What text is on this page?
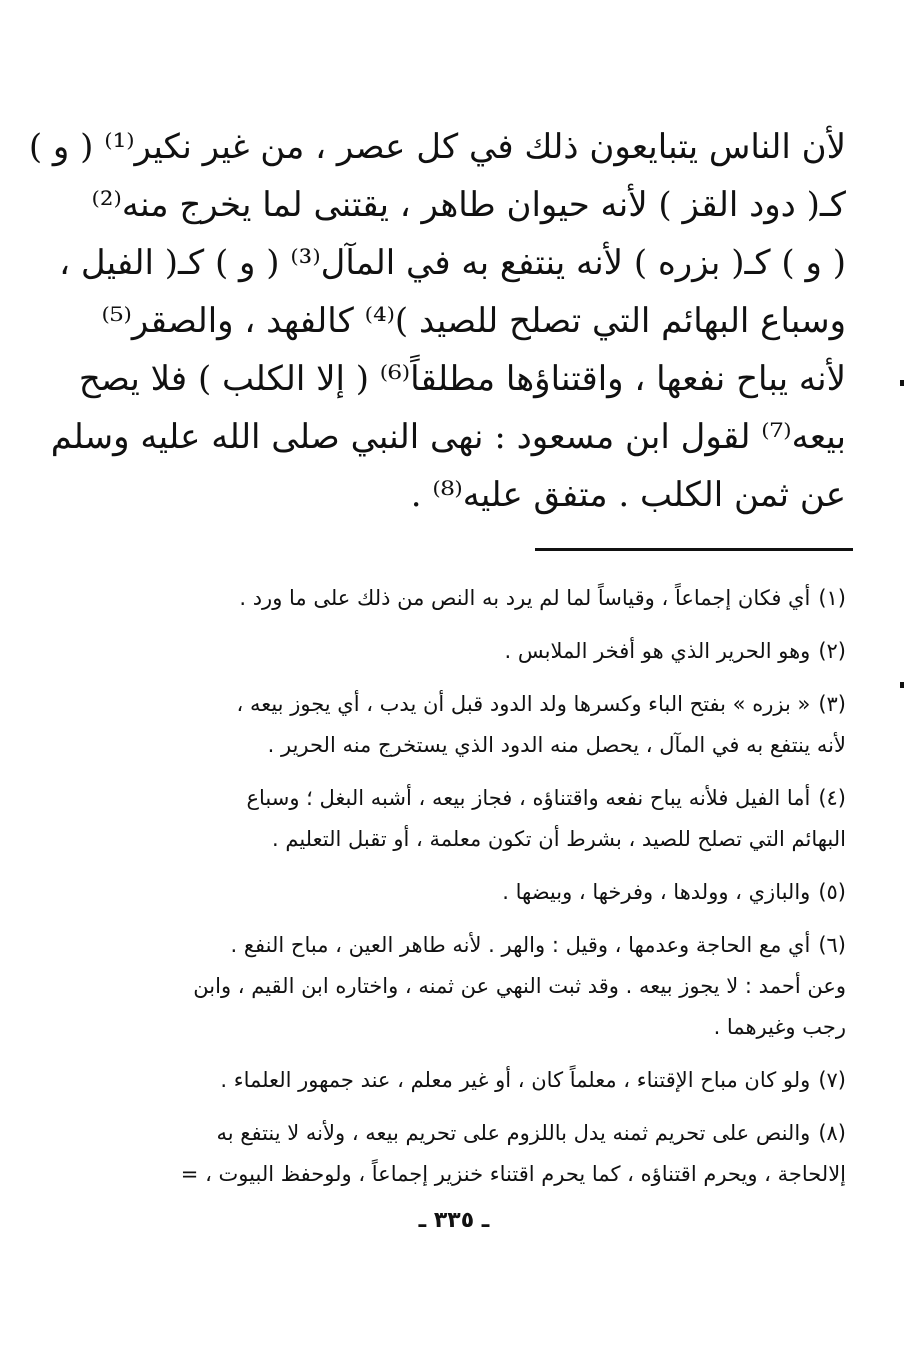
لأن الناس يتبايعون ذلك في كل عصر ، من غير نكير⁽¹⁾ ( و )
كـ( دود القز ) لأنه حيوان طاهر ، يقتنى لما يخرج منه⁽²⁾
( و ) كـ( بزره ) لأنه ينتفع به في المآل⁽³⁾ ( و ) كـ( الفيل ،
وسباع البهائم التي تصلح للصيد )⁽⁴⁾ كالفهد ، والصقر⁽⁵⁾
لأنه يباح نفعها ، واقتناؤها مطلقاً⁽⁶⁾ ( إلا الكلب ) فلا يصح
بيعه⁽⁷⁾ لقول ابن مسعود : نهى النبي صلى الله عليه وسلم
عن ثمن الكلب . متفق عليه⁽⁸⁾ .
(١)أي فكان إجماعاً ، وقياساً لما لم يرد به النص من ذلك على ما ورد .
(٢)وهو الحرير الذي هو أفخر الملابس .
(٣)« بزره » بفتح الباء وكسرها ولد الدود قبل أن يدب ، أي يجوز بيعه ،
لأنه ينتفع به في المآل ، يحصل منه الدود الذي يستخرج منه الحرير .
(٤)أما الفيل فلأنه يباح نفعه واقتناؤه ، فجاز بيعه ، أشبه البغل ؛ وسباع
البهائم التي تصلح للصيد ، بشرط أن تكون معلمة ، أو تقبل التعليم .
(٥)والبازي ، وولدها ، وفرخها ، وبيضها .
(٦)أي مع الحاجة وعدمها ، وقيل : والهر . لأنه طاهر العين ، مباح النفع .
وعن أحمد : لا يجوز بيعه . وقد ثبت النهي عن ثمنه ، واختاره ابن القيم ، وابن
رجب وغيرهما .
(٧)ولو كان مباح الإقتناء ، معلماً كان ، أو غير معلم ، عند جمهور العلماء .
(٨)والنص على تحريم ثمنه يدل باللزوم على تحريم بيعه ، ولأنه لا ينتفع به
إلالحاجة ، ويحرم اقتناؤه ، كما يحرم اقتناء خنزير إجماعاً ، ولوحفظ البيوت ، =
ـ ٣٣٥ ـ
